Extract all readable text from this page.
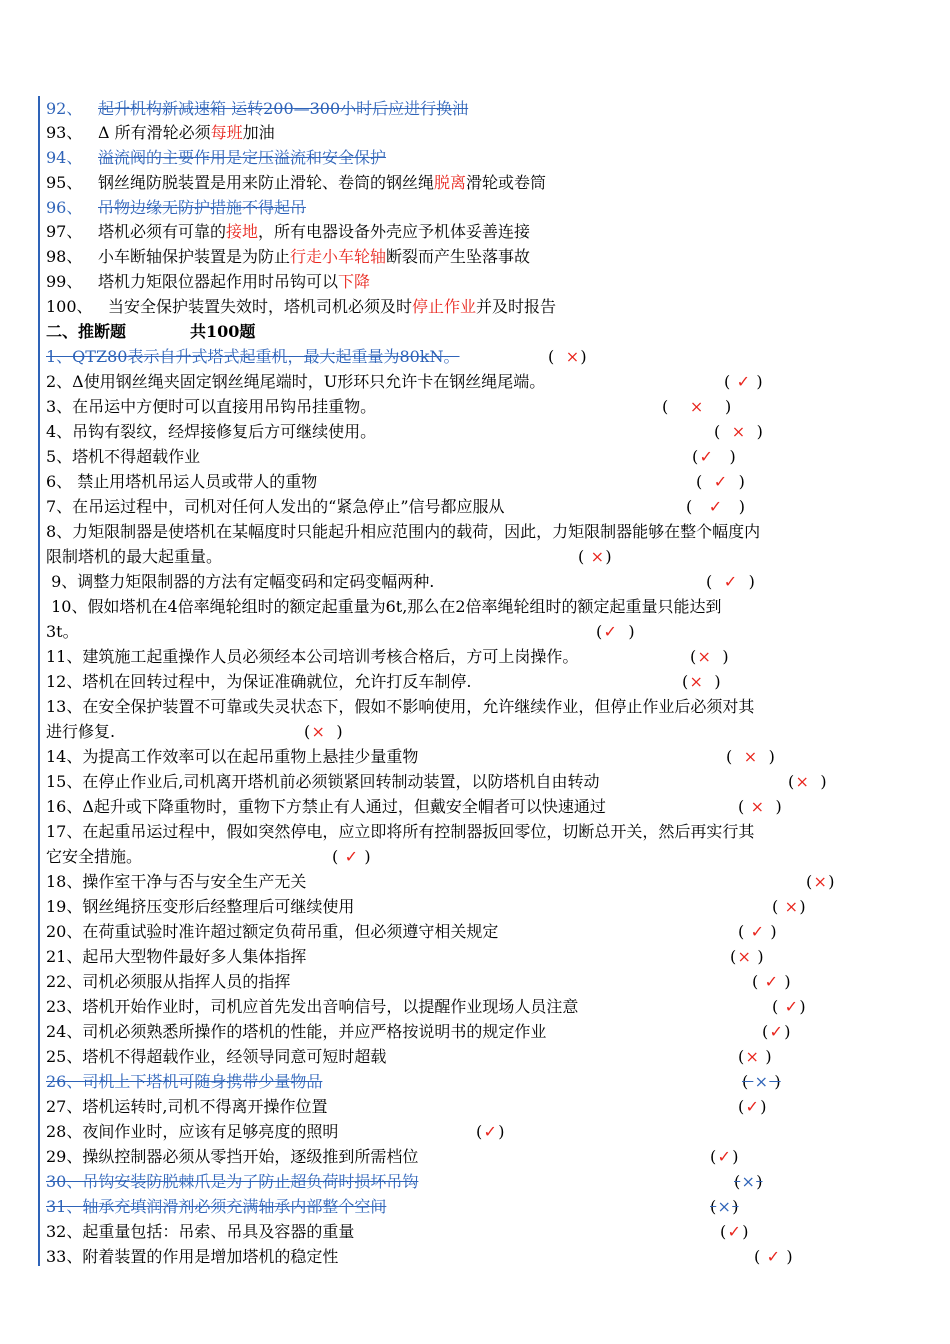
92、 起升机构新减速箱 运转200—300小时后应进行换油
93、 Δ 所有滑轮必须每班加油
94、 溢流阀的主要作用是定压溢流和安全保护
95、 钢丝绳防脱装置是用来防止滑轮、卷筒的钢丝绳脱离滑轮或卷筒
96、 吊物边缘无防护措施不得起吊
97、 塔机必须有可靠的接地，所有电器设备外壳应予机体妥善连接
98、 小车断轴保护装置是为防止行走小车轮轴断裂而产生坠落事故
99、 塔机力矩限位器起作用时吊钩可以下降
100、 当安全保护装置失效时，塔机司机必须及时停止作业并及时报告
二、推断题	共100题
1、QTZ80表示自升式塔式起重机，最大起重量为80kN。	(  ×)
2、Δ使用钢丝绳夹固定钢丝绳尾端时，U形环只允许卡在钢丝绳尾端。	( ✓ )
3、在吊运中方便时可以直接用吊钩吊挂重物。	(    ×    )
4、吊钩有裂纹，经焊接修复后方可继续使用。	(  ×  )
5、塔机不得超载作业	(✓   )
6、 禁止用塔机吊运人员或带人的重物	(  ✓  )
7、在吊运过程中，司机对任何人发出的“紧急停止”信号都应服从	(   ✓   )
8、力矩限制器是使塔机在某幅度时只能起升相应范围内的载荷，因此，力矩限制器能够在整个幅度内
限制塔机的最大起重量。	( ×)
9、调整力矩限制器的方法有定幅变码和定码变幅两种.	(  ✓  )
10、假如塔机在4倍率绳轮组时的额定起重量为6t,那么在2倍率绳轮组时的额定起重量只能达到
3t。	(✓  )
11、建筑施工起重操作人员必须经本公司培训考核合格后，方可上岗操作。	(×  )
12、塔机在回转过程中，为保证准确就位，允许打反车制停.	(×  )
13、在安全保护装置不可靠或失灵状态下，假如不影响使用，允许继续作业，但停止作业后必须对其
进行修复.	(×  )
14、为提高工作效率可以在起吊重物上悬挂少量重物	(  ×  )
15、在停止作业后,司机离开塔机前必须锁紧回转制动装置，以防塔机自由转动	(×  )
16、Δ起升或下降重物时，重物下方禁止有人通过，但戴安全帽者可以快速通过	( ×  )
17、在起重吊运过程中，假如突然停电，应立即将所有控制器扳回零位，切断总开关，然后再实行其
它安全措施。	( ✓ )
18、操作室干净与否与安全生产无关	(×)
19、钢丝绳挤压变形后经整理后可继续使用	( ×)
20、在荷重试验时准许超过额定负荷吊重，但必须遵守相关规定	( ✓ )
21、起吊大型物件最好多人集体指挥	(× )
22、司机必须服从指挥人员的指挥	( ✓ )
23、塔机开始作业时，司机应首先发出音响信号，以提醒作业现场人员注意	( ✓)
24、司机必须熟悉所操作的塔机的性能，并应严格按说明书的规定作业	(✓)
25、塔机不得超载作业，经领导同意可短时超载	(× )
26、司机上下塔机可随身携带少量物品	( × )
27、塔机运转时,司机不得离开操作位置	(✓)
28、夜间作业时，应该有足够亮度的照明	(✓)
29、操纵控制器必须从零挡开始，逐级推到所需档位	(✓)
30、吊钩安装防脱棘爪是为了防止超负荷时损坏吊钩	(×)
31、轴承充填润滑剂必须充满轴承内部整个空间	(×)
32、起重量包括：吊索、吊具及容器的重量	(✓)
33、附着装置的作用是增加塔机的稳定性	( ✓ )
